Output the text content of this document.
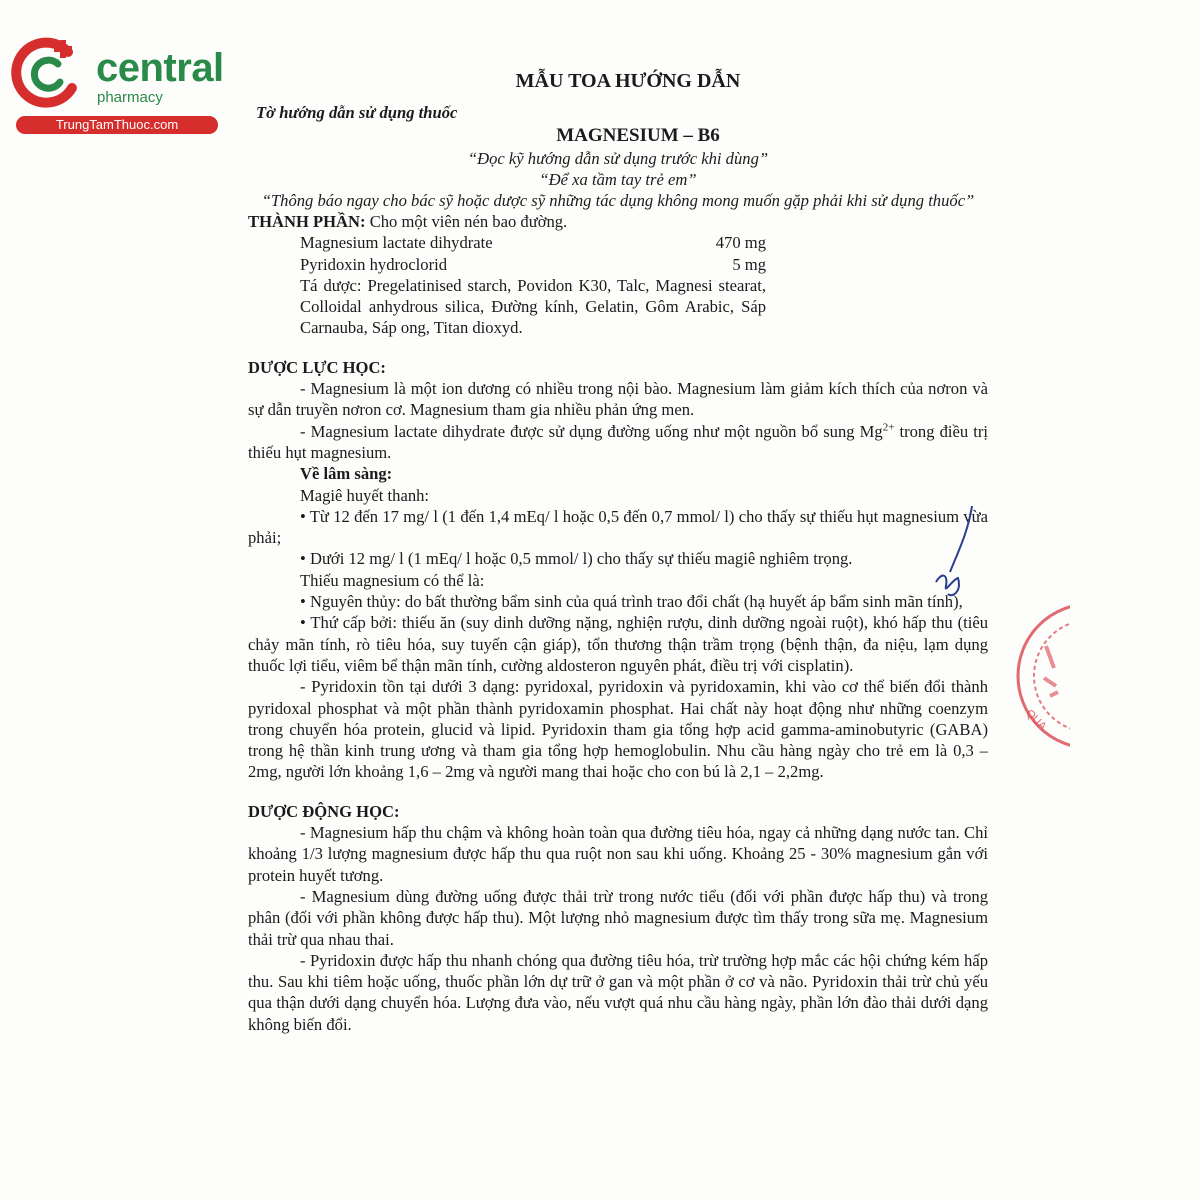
central
pharmacy
TrungTamThuoc.com
MẪU TOA HƯỚNG DẪN
Tờ hướng dẫn sử dụng thuốc
MAGNESIUM – B6
“Đọc kỹ hướng dẫn sử dụng trước khi dùng”
“Để xa tầm tay trẻ em”
“Thông báo ngay cho bác sỹ hoặc dược sỹ những tác dụng không mong muốn gặp phải khi sử dụng thuốc”
THÀNH PHẦN: Cho một viên nén bao đường.
Magnesium lactate dihydrate	470 mg
Pyridoxin hydroclorid	5 mg
Tá dược: Pregelatinised starch, Povidon K30, Talc, Magnesi stearat, Colloidal anhydrous silica, Đường kính, Gelatin, Gôm Arabic, Sáp Carnauba, Sáp ong, Titan dioxyd.
DƯỢC LỰC HỌC:
- Magnesium là một ion dương có nhiều trong nội bào. Magnesium làm giảm kích thích của nơron và sự dẫn truyền nơron cơ. Magnesium tham gia nhiều phản ứng men.
- Magnesium lactate dihydrate được sử dụng đường uống như một nguồn bổ sung $Mg^{2+}$ trong điều trị thiếu hụt magnesium.
Về lâm sàng:
Magiê huyết thanh:
• Từ 12 đến 17 mg/ l (1 đến 1,4 mEq/ l hoặc 0,5 đến 0,7 mmol/ l) cho thấy sự thiếu hụt magnesium vừa phải;
• Dưới 12 mg/ l (1 mEq/ l hoặc 0,5 mmol/ l) cho thấy sự thiếu magiê nghiêm trọng.
Thiếu magnesium có thể là:
• Nguyên thủy: do bất thường bẩm sinh của quá trình trao đổi chất (hạ huyết áp bẩm sinh mãn tính),
• Thứ cấp bởi: thiếu ăn (suy dinh dưỡng nặng, nghiện rượu, dinh dưỡng ngoài ruột), khó hấp thu (tiêu chảy mãn tính, rò tiêu hóa, suy tuyến cận giáp), tổn thương thận trầm trọng (bệnh thận, đa niệu, lạm dụng thuốc lợi tiểu, viêm bể thận mãn tính, cường aldosteron nguyên phát, điều trị với cisplatin).
- Pyridoxin tồn tại dưới 3 dạng: pyridoxal, pyridoxin và pyridoxamin, khi vào cơ thể biến đổi thành pyridoxal phosphat và một phần thành pyridoxamin phosphat. Hai chất này hoạt động như những coenzym trong chuyển hóa protein, glucid và lipid. Pyridoxin tham gia tổng hợp acid gamma-aminobutyric (GABA) trong hệ thần kinh trung ương và tham gia tổng hợp hemoglobulin. Nhu cầu hàng ngày cho trẻ em là 0,3 – 2mg, người lớn khoảng 1,6 – 2mg và người mang thai hoặc cho con bú là 2,1 – 2,2mg.
DƯỢC ĐỘNG HỌC:
- Magnesium hấp thu chậm và không hoàn toàn qua đường tiêu hóa, ngay cả những dạng nước tan. Chỉ khoảng 1/3 lượng magnesium được hấp thu qua ruột non sau khi uống. Khoảng 25 - 30% magnesium gắn với protein huyết tương.
- Magnesium dùng đường uống được thải trừ trong nước tiểu (đối với phần được hấp thu) và trong phân (đối với phần không được hấp thu). Một lượng nhỏ magnesium được tìm thấy trong sữa mẹ. Magnesium thải trừ qua nhau thai.
- Pyridoxin được hấp thu nhanh chóng qua đường tiêu hóa, trừ trường hợp mắc các hội chứng kém hấp thu. Sau khi tiêm hoặc uống, thuốc phần lớn dự trữ ở gan và một phần ở cơ và não. Pyridoxin thải trừ chủ yếu qua thận dưới dạng chuyển hóa. Lượng đưa vào, nếu vượt quá nhu cầu hàng ngày, phần lớn đào thải dưới dạng không biến đổi.
QUA
